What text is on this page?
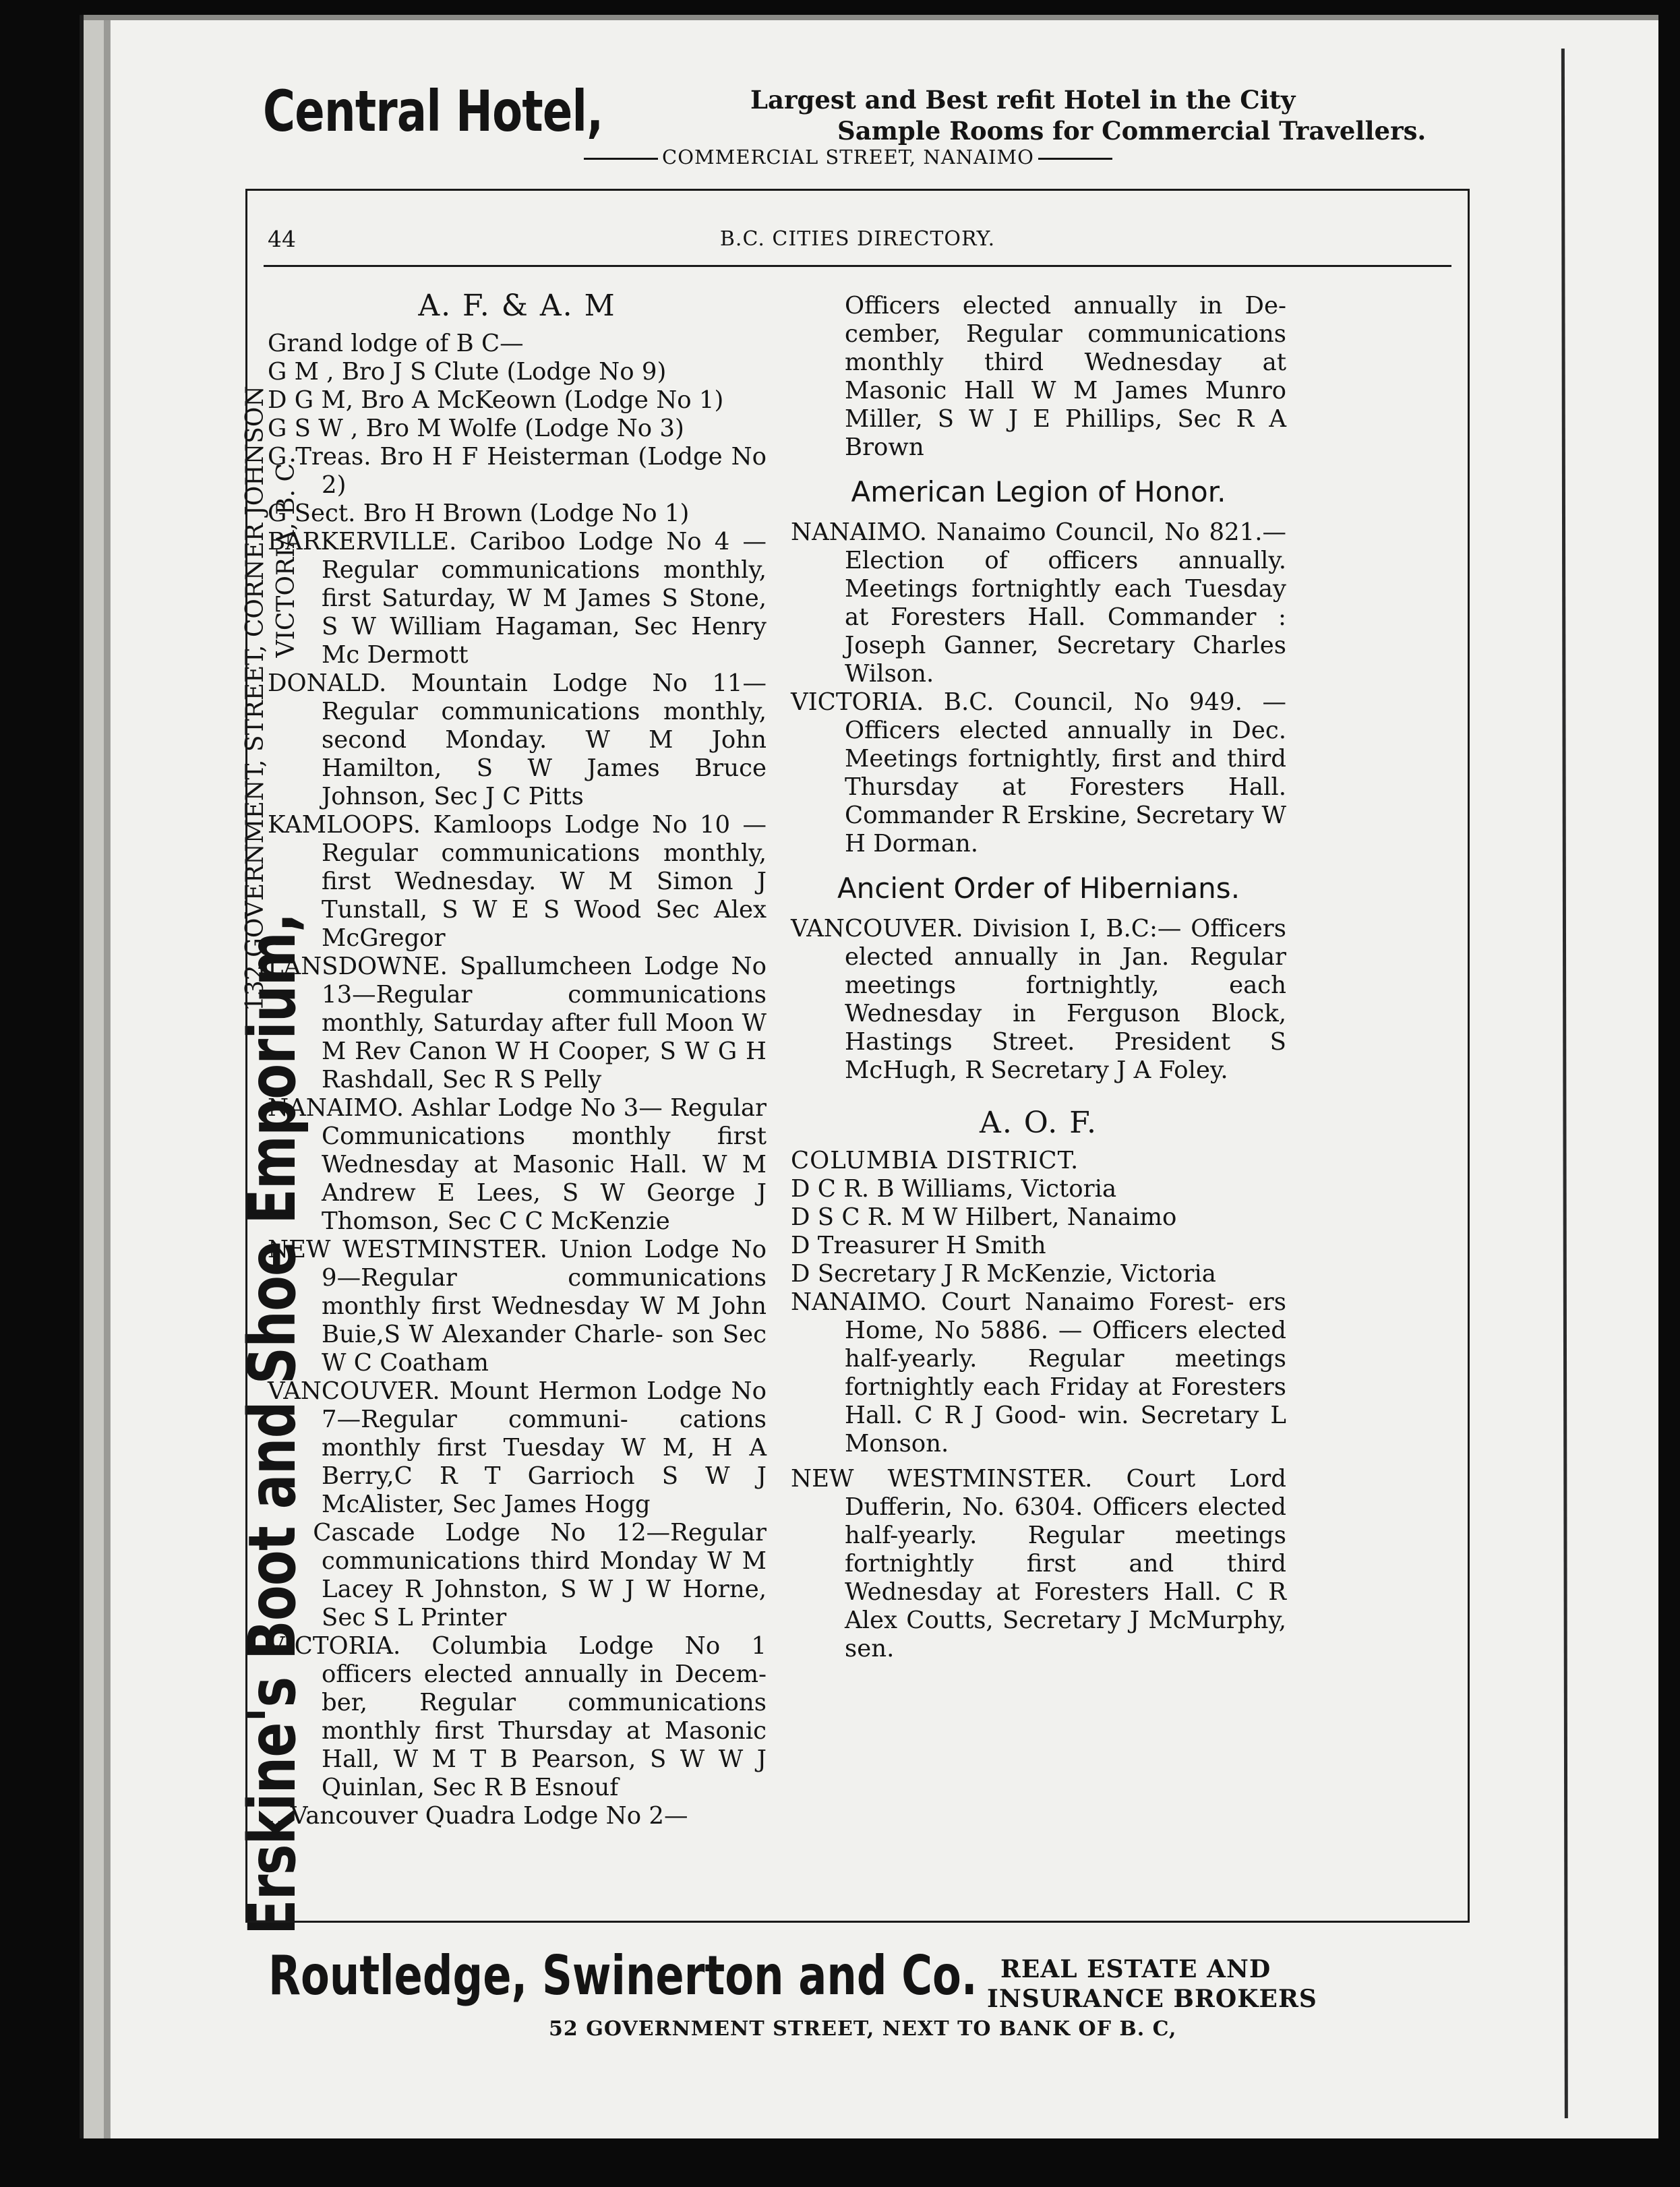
Central Hotel,	Largest and Best refit Hotel in the City
Sample Rooms for Commercial Travellers.
COMMERCIAL STREET, NANAIMO
Erskine's Boot and Shoe Emporium,
132 GOVERNMENT, STREET, CORNER JOHNSON VICTORIA, B. C.
44	B.C. CITIES DIRECTORY.
A. F. & A. M

Grand lodge of B C—

G M , Bro J S Clute (Lodge No 9)

D G M, Bro A McKeown (Lodge No 1)

G S W , Bro M Wolfe (Lodge No 3)

G Treas. Bro H F Heisterman (Lodge No 2)

G Sect. Bro H Brown (Lodge No 1)

BARKERVILLE. Cariboo Lodge No 4 — Regular communications monthly, first Saturday, W M James S Stone, S W William Hagaman, Sec Henry Mc Dermott

DONALD. Mountain Lodge No 11— Regular communications monthly, second Monday. W M John Hamilton, S W James Bruce Johnson, Sec J C Pitts

KAMLOOPS. Kamloops Lodge No 10 — Regular communications monthly, first Wednesday. W M Simon J Tunstall, S W E S Wood Sec Alex McGregor

LANSDOWNE. Spallumcheen Lodge No 13—Regular communications monthly, Saturday after full Moon W M Rev Canon W H Cooper, S W G H Rashdall, Sec R S Pelly

NANAIMO. Ashlar Lodge No 3— Regular Communications monthly first Wednesday at Masonic Hall. W M Andrew E Lees, S W George J Thomson, Sec C C McKenzie

NEW WESTMINSTER. Union Lodge No 9—Regular communications monthly first Wednesday W M John Buie,S W Alexander Charle- son Sec W C Coatham

VANCOUVER. Mount Hermon Lodge No 7—Regular communi- cations monthly first Tuesday W M, H A Berry,C R T Garrioch S W J McAlister, Sec James Hogg

,, Cascade Lodge No 12—Regular communications third Monday W M Lacey R Johnston, S W J W Horne, Sec S L Printer

VICTORIA. Columbia Lodge No 1 officers elected annually in Decem- ber, Regular communications monthly first Thursday at Masonic Hall, W M T B Pearson, S W W J Quinlan, Sec R B Esnouf

,, Vancouver Quadra Lodge No 2—

Officers elected annually in De- cember, Regular communications monthly third Wednesday at Masonic Hall W M James Munro Miller, S W J E Phillips, Sec R A Brown

American Legion of Honor.

NANAIMO. Nanaimo Council, No 821.—Election of officers annually. Meetings fortnightly each Tuesday at Foresters Hall. Commander : Joseph Ganner, Secretary Charles Wilson.

VICTORIA. B.C. Council, No 949. —Officers elected annually in Dec. Meetings fortnightly, first and third Thursday at Foresters Hall. Commander R Erskine, Secretary W H Dorman.

Ancient Order of Hibernians.

VANCOUVER. Division I, B.C:— Officers elected annually in Jan. Regular meetings fortnightly, each Wednesday in Ferguson Block, Hastings Street. President S McHugh, R Secretary J A Foley.

A. O. F.

COLUMBIA DISTRICT.

D C R. B Williams, Victoria

D S C R. M W Hilbert, Nanaimo

D Treasurer H Smith

D Secretary J R McKenzie, Victoria

NANAIMO. Court Nanaimo Forest- ers Home, No 5886. — Officers elected half-yearly. Regular meetings fortnightly each Friday at Foresters Hall. C R J Good- win. Secretary L Monson.

NEW WESTMINSTER. Court Lord Dufferin, No. 6304. Officers elected half-yearly. Regular meetings fortnightly first and third Wednesday at Foresters Hall. C R Alex Coutts, Secretary J McMurphy, sen.

Routledge, Swinerton and Co. REAL ESTATE AND
INSURANCE BROKERS
52 GOVERNMENT STREET, NEXT TO BANK OF B. C,
